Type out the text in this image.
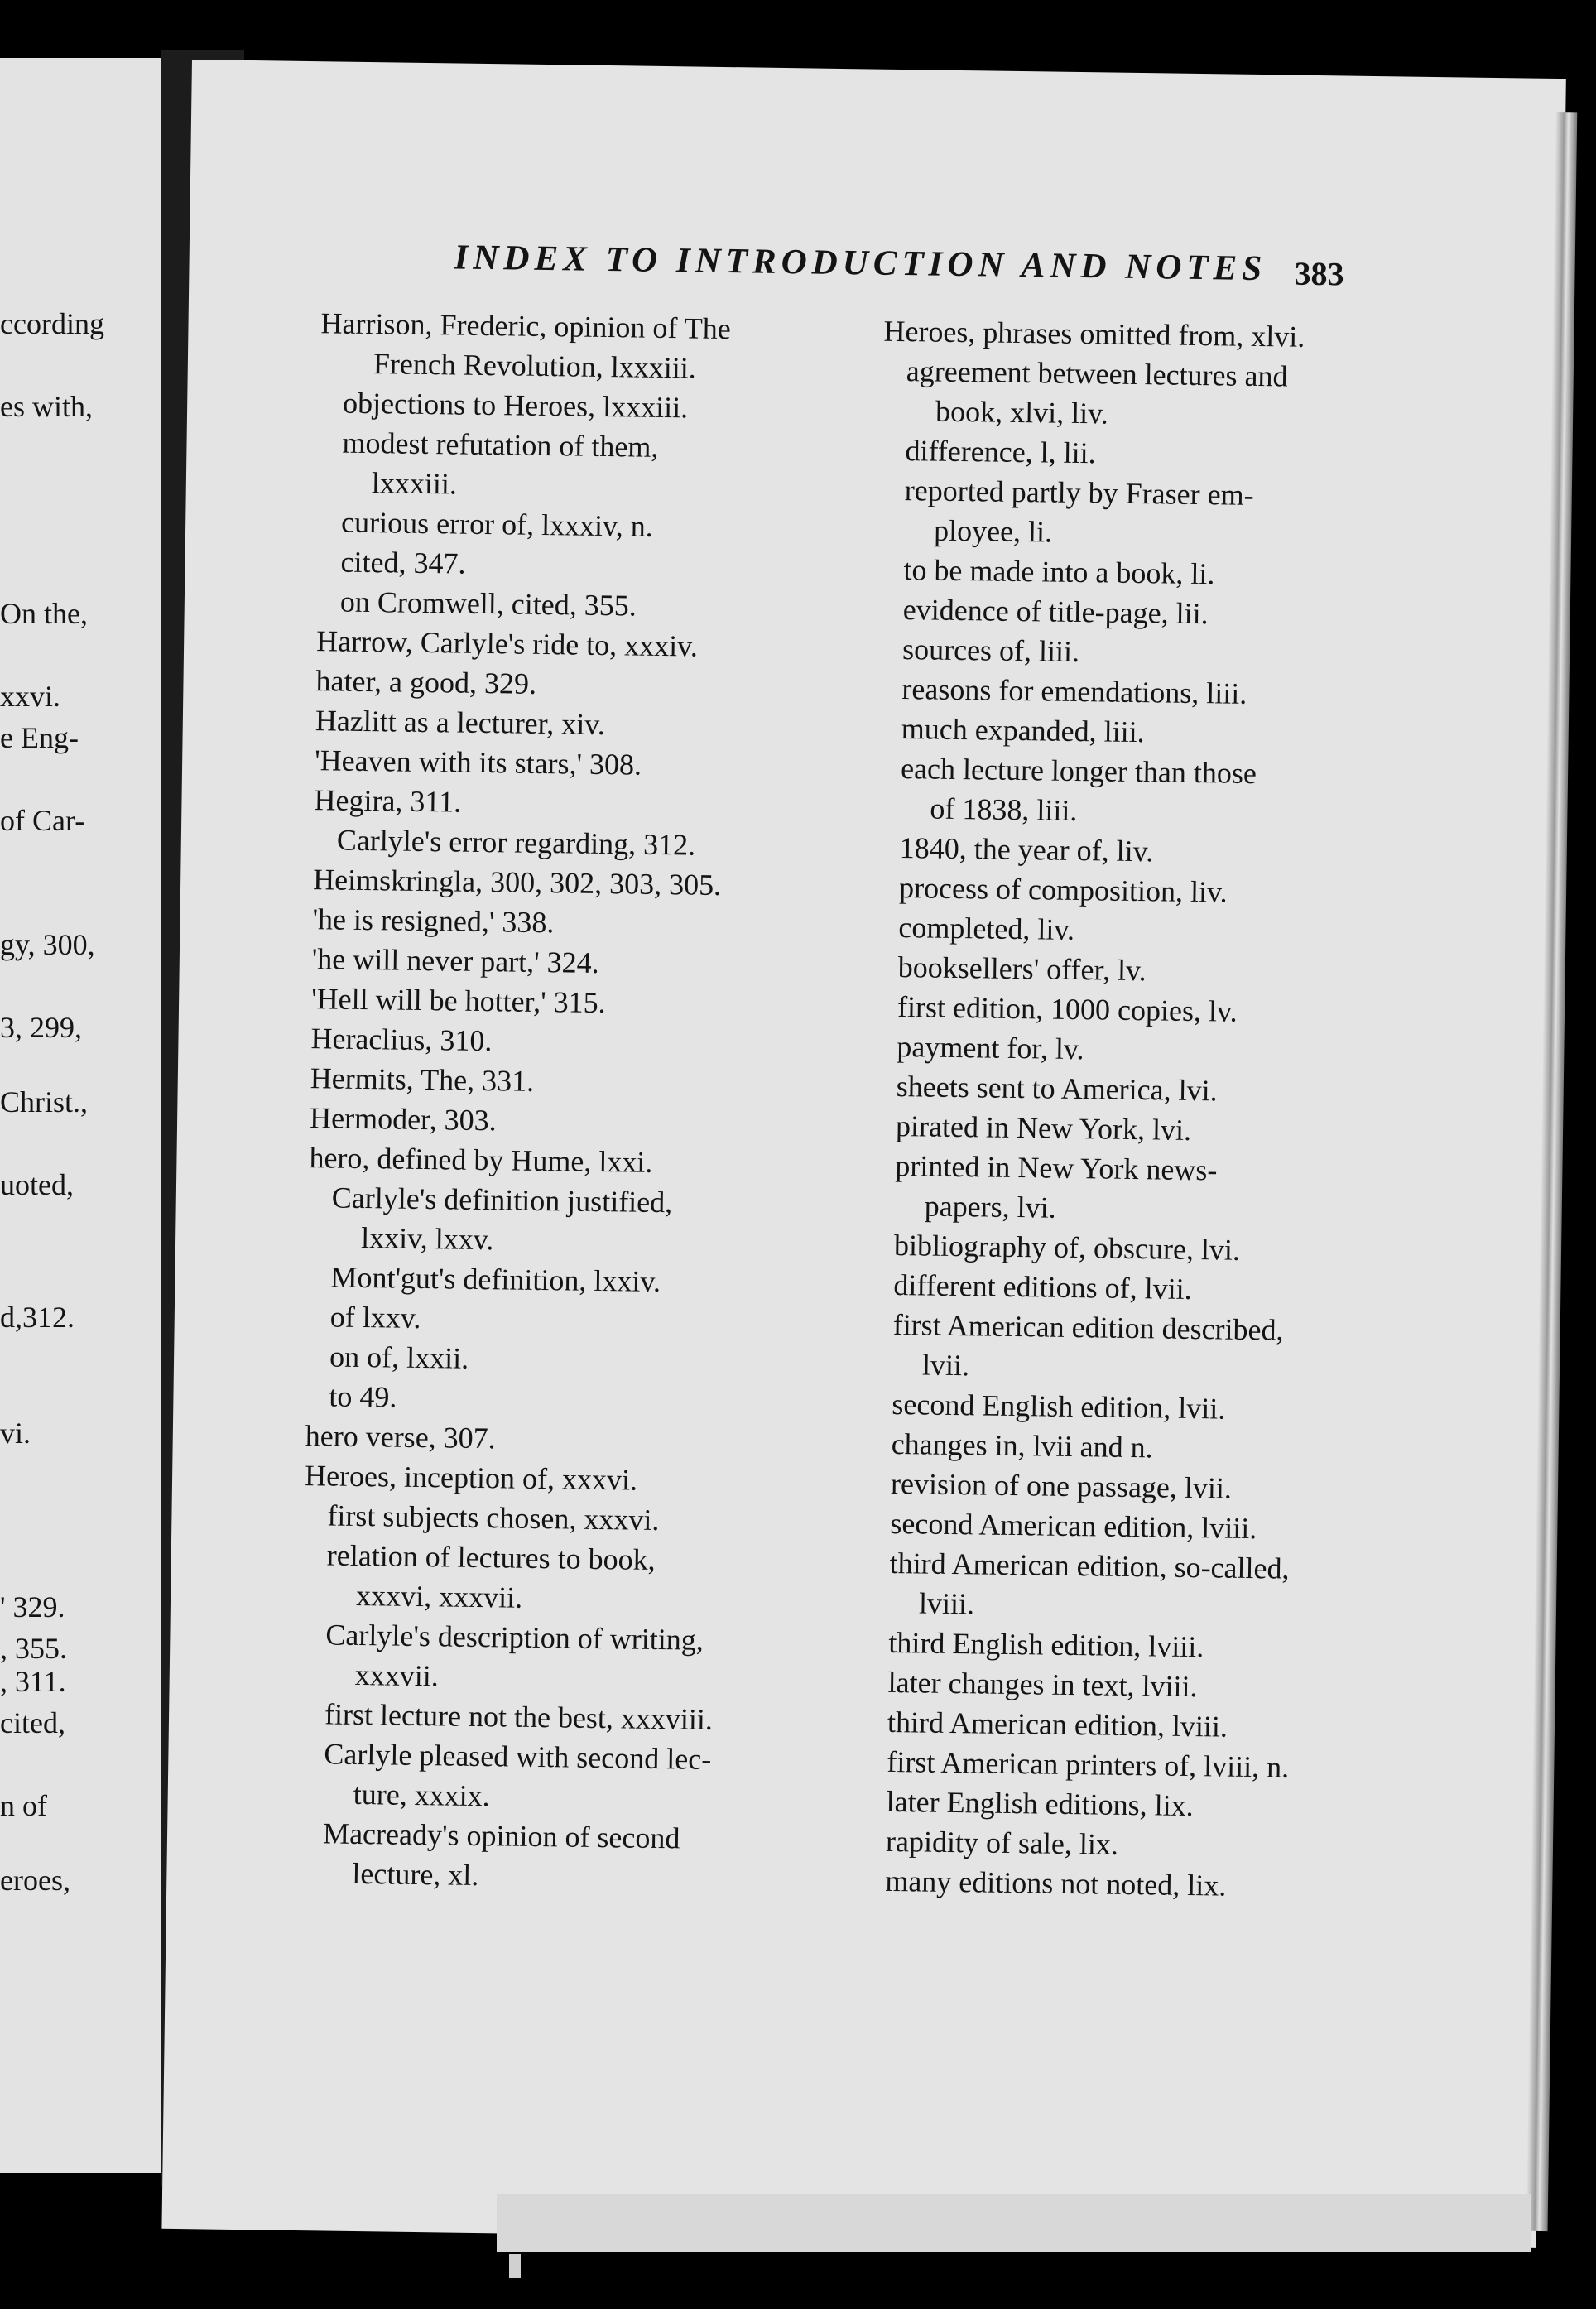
ccording
es with,
On the,
xxvi.
e Eng-
of Car-
gy, 300,
3, 299,
Christ.,
uoted,
d,312.
vi.
' 329.
, 355.
, 311.
cited,
n of
eroes,
INDEX TO INTRODUCTION AND NOTES 383
Harrison, Frederic, opinion of The
French Revolution, lxxxiii.
objections to Heroes, lxxxiii.
modest refutation of them,
lxxxiii.
curious error of, lxxxiv, n.
cited, 347.
on Cromwell, cited, 355.
Harrow, Carlyle's ride to, xxxiv.
hater, a good, 329.
Hazlitt as a lecturer, xiv.
'Heaven with its stars,' 308.
Hegira, 311.
Carlyle's error regarding, 312.
Heimskringla, 300, 302, 303, 305.
'he is resigned,' 338.
'he will never part,' 324.
'Hell will be hotter,' 315.
Heraclius, 310.
Hermits, The, 331.
Hermoder, 303.
hero, defined by Hume, lxxi.
Carlyle's definition justified,
lxxiv, lxxv.
Mont'gut's definition, lxxiv.
of lxxv.
on of, lxxii.
to 49.
hero verse, 307.
Heroes, inception of, xxxvi.
first subjects chosen, xxxvi.
relation of lectures to book,
xxxvi, xxxvii.
Carlyle's description of writing,
xxxvii.
first lecture not the best, xxxviii.
Carlyle pleased with second lec-
ture, xxxix.
Macready's opinion of second
lecture, xl.
Heroes, phrases omitted from, xlvi.
agreement between lectures and
book, xlvi, liv.
difference, l, lii.
reported partly by Fraser em-
ployee, li.
to be made into a book, li.
evidence of title-page, lii.
sources of, liii.
reasons for emendations, liii.
much expanded, liii.
each lecture longer than those
of 1838, liii.
1840, the year of, liv.
process of composition, liv.
completed, liv.
booksellers' offer, lv.
first edition, 1000 copies, lv.
payment for, lv.
sheets sent to America, lvi.
pirated in New York, lvi.
printed in New York news-
papers, lvi.
bibliography of, obscure, lvi.
different editions of, lvii.
first American edition described,
lvii.
second English edition, lvii.
changes in, lvii and n.
revision of one passage, lvii.
second American edition, lviii.
third American edition, so-called,
lviii.
third English edition, lviii.
later changes in text, lviii.
third American edition, lviii.
first American printers of, lviii, n.
later English editions, lix.
rapidity of sale, lix.
many editions not noted, lix.
